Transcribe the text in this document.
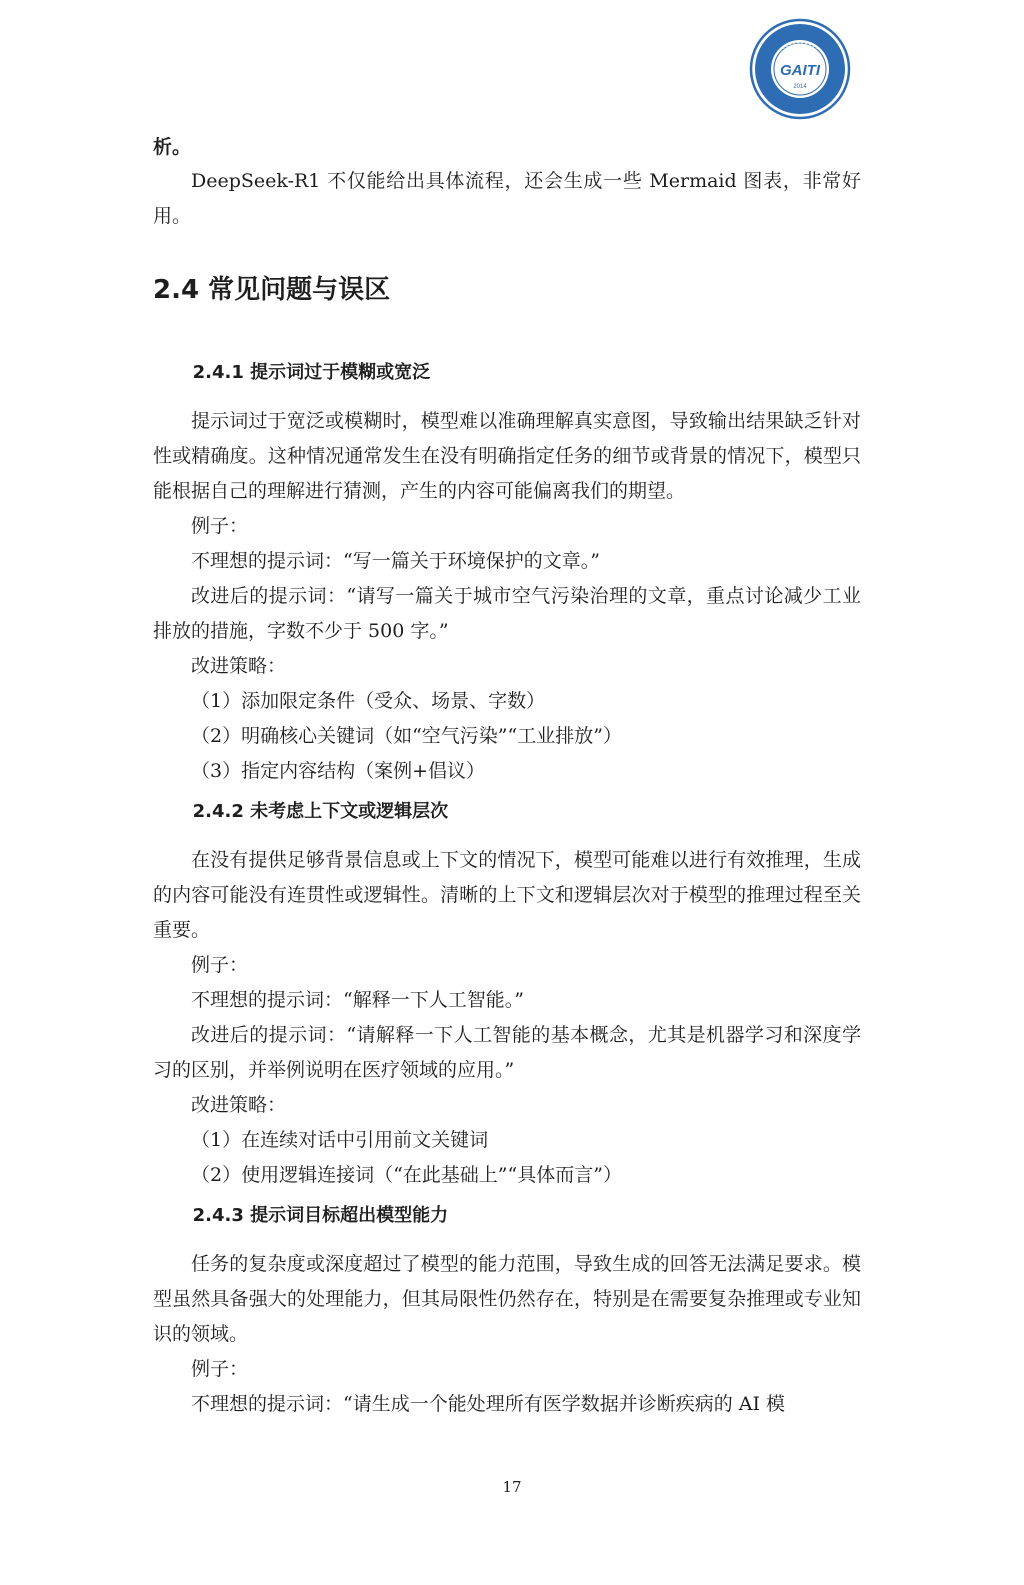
GAITI
2014
析。

DeepSeek-R1 不仅能给出具体流程，还会生成一些 Mermaid 图表，非常好用。

2.4 常见问题与误区
2.4.1 提示词过于模糊或宽泛

提示词过于宽泛或模糊时，模型难以准确理解真实意图，导致输出结果缺乏针对性或精确度。这种情况通常发生在没有明确指定任务的细节或背景的情况下，模型只能根据自己的理解进行猜测，产生的内容可能偏离我们的期望。

例子：

不理想的提示词：“写一篇关于环境保护的文章。”

改进后的提示词：“请写一篇关于城市空气污染治理的文章，重点讨论减少工业排放的措施，字数不少于 500 字。”

改进策略：

（1）添加限定条件（受众、场景、字数）

（2）明确核心关键词（如“空气污染”“工业排放”）

（3）指定内容结构（案例+倡议）

2.4.2 未考虑上下文或逻辑层次

在没有提供足够背景信息或上下文的情况下，模型可能难以进行有效推理，生成的内容可能没有连贯性或逻辑性。清晰的上下文和逻辑层次对于模型的推理过程至关重要。

例子：

不理想的提示词：“解释一下人工智能。”

改进后的提示词：“请解释一下人工智能的基本概念，尤其是机器学习和深度学习的区别，并举例说明在医疗领域的应用。”

改进策略：

（1）在连续对话中引用前文关键词

（2）使用逻辑连接词（“在此基础上”“具体而言”）

2.4.3 提示词目标超出模型能力

任务的复杂度或深度超过了模型的能力范围，导致生成的回答无法满足要求。模型虽然具备强大的处理能力，但其局限性仍然存在，特别是在需要复杂推理或专业知识的领域。

例子：

不理想的提示词：“请生成一个能处理所有医学数据并诊断疾病的 AI 模

17
